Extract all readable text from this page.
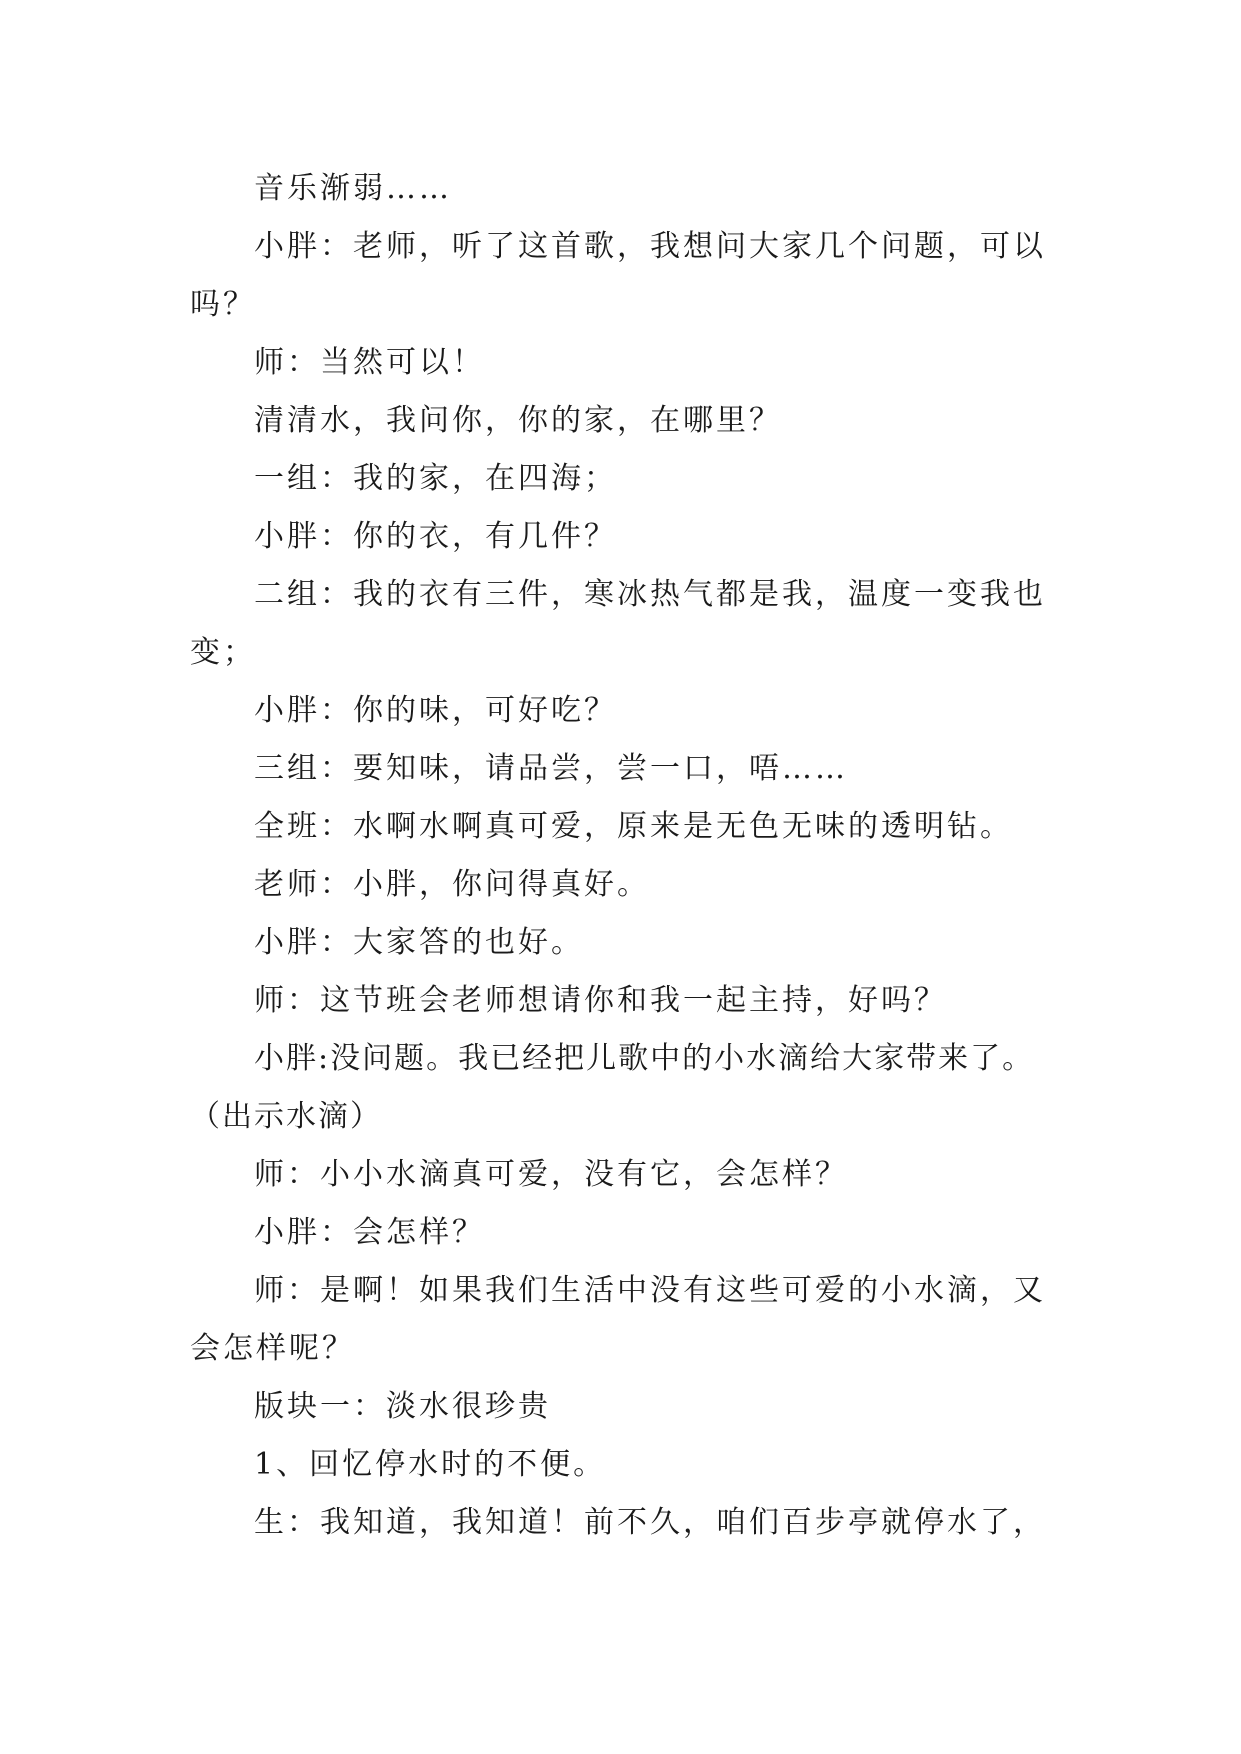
音乐渐弱……

小胖：老师，听了这首歌，我想问大家几个问题，可以吗？

师：当然可以！

清清水，我问你，你的家，在哪里？

一组：我的家，在四海；

小胖：你的衣，有几件？

二组：我的衣有三件，寒冰热气都是我，温度一变我也变；

小胖：你的味，可好吃？

三组：要知味，请品尝，尝一口，唔……

全班：水啊水啊真可爱，原来是无色无味的透明钻。

老师：小胖，你问得真好。

小胖：大家答的也好。

师：这节班会老师想请你和我一起主持，好吗？

小胖:没问题。我已经把儿歌中的小水滴给大家带来了。（出示水滴）

师：小小水滴真可爱，没有它，会怎样？

小胖：会怎样？

师：是啊！如果我们生活中没有这些可爱的小水滴，又会怎样呢？

版块一：淡水很珍贵

1、回忆停水时的不便。

生：我知道，我知道！前不久，咱们百步亭就停水了，
